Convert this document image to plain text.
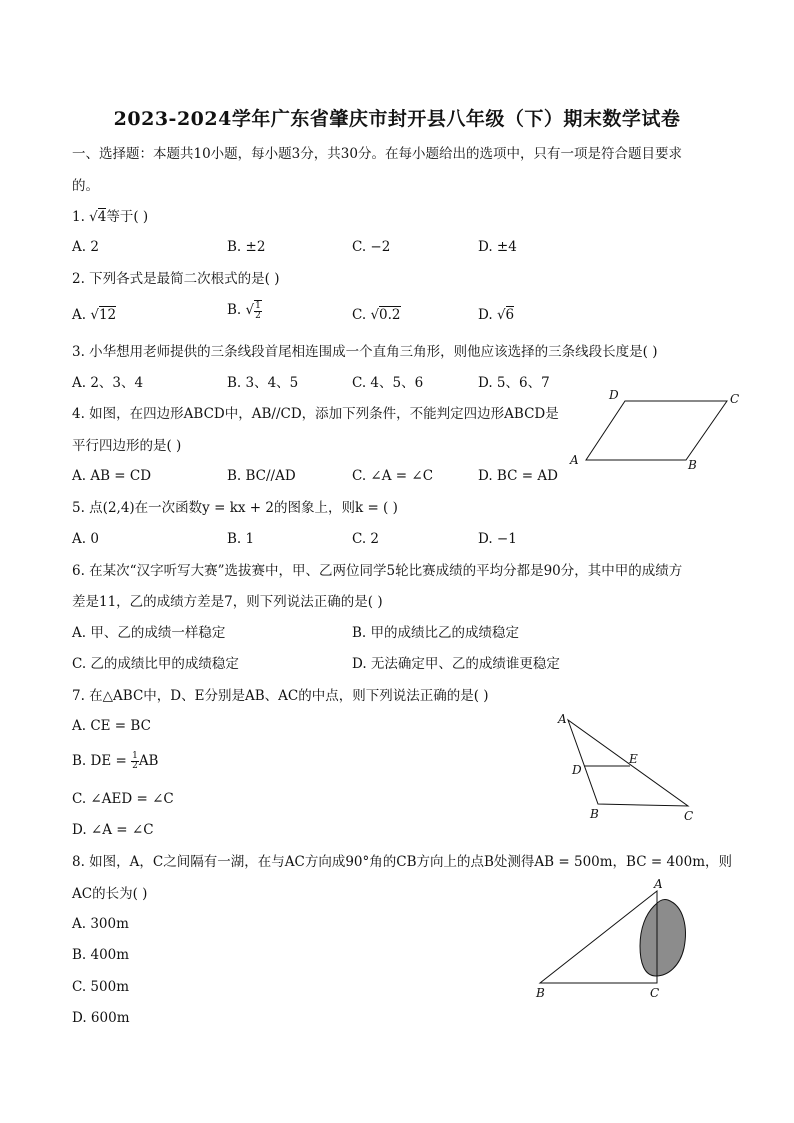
2023-2024学年广东省肇庆市封开县八年级（下）期末数学试卷
一、选择题：本题共10小题，每小题3分，共30分。在每小题给出的选项中，只有一项是符合题目要求
的。
1. √4等于( )
A. 2	B. ±2	C. −2	D. ±4
2. 下列各式是最简二次根式的是( )
A. √12	B. √ $\frac{1}{2}$	C. √0.2	D. √6
3. 小华想用老师提供的三条线段首尾相连围成一个直角三角形，则他应该选择的三条线段长度是( )
A. 2、3、4	B. 3、4、5	C. 4、5、6	D. 5、6、7
4. 如图，在四边形ABCD中，AB//CD，添加下列条件，不能判定四边形ABCD是
平行四边形的是( )
A. AB = CD	B. BC//AD	C. ∠A = ∠C	D. BC = AD
A	B
C
D
5. 点(2,4)在一次函数y = kx + 2的图象上，则k = ( )
A. 0	B. 1	C. 2	D. −1
6. 在某次“汉字听写大赛”选拔赛中，甲、乙两位同学5轮比赛成绩的平均分都是90分，其中甲的成绩方
差是11，乙的成绩方差是7，则下列说法正确的是( )
A. 甲、乙的成绩一样稳定	B. 甲的成绩比乙的成绩稳定
C. 乙的成绩比甲的成绩稳定	D. 无法确定甲、乙的成绩谁更稳定
7. 在△ABC中，D、E分别是AB、AC的中点，则下列说法正确的是( )
A. CE = BC
B. DE = $\frac{1}{2}$ AB
C. ∠AED = ∠C
D. ∠A = ∠C
A
B	C
D
E
8. 如图，A，C之间隔有一湖，在与AC方向成90°角的CB方向上的点B处测得AB = 500m，BC = 400m，则
AC的长为( )
A. 300m
B. 400m
C. 500m
D. 600m
A
B	C
